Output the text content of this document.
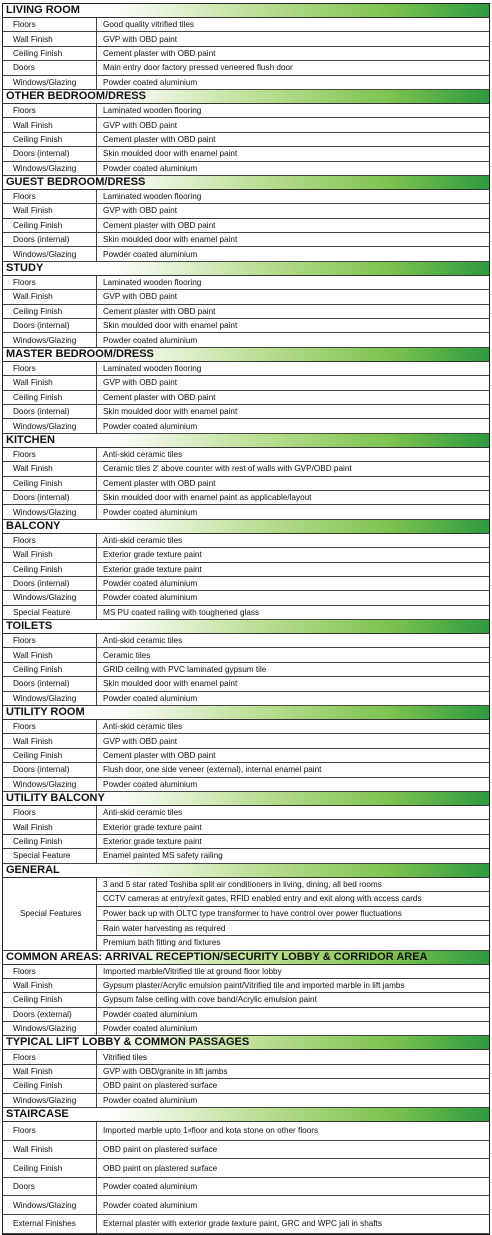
LIVING ROOM
Floors	Good quality vitrified tiles
Wall Finish	GVP with OBD paint
Ceiling Finish	Cement plaster with OBD paint
Doors	Main entry door factory pressed veneered flush door
Windows/Glazing	Powder coated aluminium
OTHER BEDROOM/DRESS
Floors	Laminated wooden flooring
Wall Finish	GVP with OBD paint
Ceiling Finish	Cement plaster with OBD paint
Doors (internal)	Skin moulded door with enamel paint
Windows/Glazing	Powder coated aluminium
GUEST BEDROOM/DRESS
Floors	Laminated wooden flooring
Wall Finish	GVP with OBD paint
Ceiling Finish	Cement plaster with OBD paint
Doors (internal)	Skin moulded door with enamel paint
Windows/Glazing	Powder coated aluminium
STUDY
Floors	Laminated wooden flooring
Wall Finish	GVP with OBD paint
Ceiling Finish	Cement plaster with OBD paint
Doors (internal)	Skin moulded door with enamel paint
Windows/Glazing	Powder coated aluminium
MASTER BEDROOM/DRESS
Floors	Laminated wooden flooring
Wall Finish	GVP with OBD paint
Ceiling Finish	Cement plaster with OBD paint
Doors (internal)	Skin moulded door with enamel paint
Windows/Glazing	Powder coated aluminium
KITCHEN
Floors	Anti-skid ceramic tiles
Wall Finish	Ceramic tiles 2' above counter with rest of walls with GVP/OBD paint
Ceiling Finish	Cement plaster with OBD paint
Doors (internal)	Skin moulded door with enamel paint as applicable/layout
Windows/Glazing	Powder coated aluminium
BALCONY
Floors	Anti-skid ceramic tiles
Wall Finish	Exterior grade texture paint
Ceiling Finish	Exterior grade texture paint
Doors (internal)	Powder coated aluminium
Windows/Glazing	Powder coated aluminium
Special Feature	MS PU coated railing with toughened glass
TOILETS
Floors	Anti-skid ceramic tiles
Wall Finish	Ceramic tiles
Ceiling Finish	GRID ceiling with PVC laminated gypsum tile
Doors (internal)	Skin moulded door with enamel paint
Windows/Glazing	Powder coated aluminium
UTILITY ROOM
Floors	Anti-skid ceramic tiles
Wall Finish	GVP with OBD paint
Ceiling Finish	Cement plaster with OBD paint
Doors (internal)	Flush door, one side veneer (external), internal enamel paint
Windows/Glazing	Powder coated aluminium
UTILITY BALCONY
Floors	Anti-skid ceramic tiles
Wall Finish	Exterior grade texture paint
Ceiling Finish	Exterior grade texture paint
Special Feature	Enamel painted MS safety railing
GENERAL
Special Features
3 and 5 star rated Toshiba split air conditioners in living, dining, all bed rooms
CCTV cameras at entry/exit gates, RFID enabled entry and exit along with access cards
Power back up with OLTC type transformer to have control over power fluctuations
Rain water harvesting as required
Premium bath fitting and fixtures
COMMON AREAS: ARRIVAL RECEPTION/SECURITY LOBBY & CORRIDOR AREA
Floors	Imported marble/Vitrified tile at ground floor lobby
Wall Finish	Gypsum plaster/Acrylic emulsion paint/Vitrified tile and imported marble in lift jambs
Ceiling Finish	Gypsum false ceiling with cove band/Acrylic emulsion paint
Doors (external)	Powder coated aluminium
Windows/Glazing	Powder coated aluminium
TYPICAL LIFT LOBBY & COMMON PASSAGES
Floors	Vitrified tiles
Wall Finish	GVP with OBD/granite in lift jambs
Ceiling Finish	OBD paint on plastered surface
Windows/Glazing	Powder coated aluminium
STAIRCASE
Floors	Imported marble upto 1 st floor and kota stone on other floors
Wall Finish	OBD paint on plastered surface
Ceiling Finish	OBD paint on plastered surface
Doors	Powder coated aluminium
Windows/Glazing	Powder coated aluminium
External Finishes	External plaster with exterior grade texture paint, GRC and WPC jali in shafts
